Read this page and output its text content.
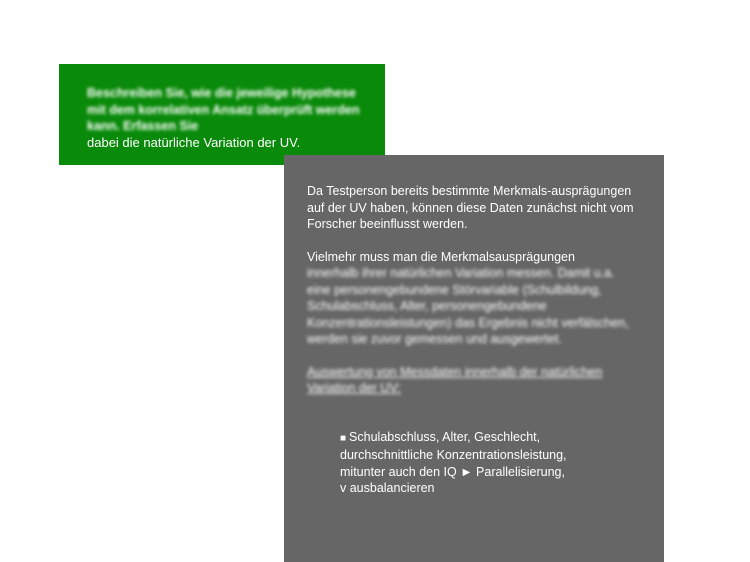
Beschreiben Sie, wie die jeweilige Hypothese mit dem korrelativen Ansatz überprüft werden kann. Erfassen Sie
dabei die natürliche Variation der UV.

Da Testperson bereits bestimmte Merkmals-ausprägungen auf der UV haben, können diese Daten zunächst nicht vom Forscher beeinflusst werden.

Vielmehr muss man die Merkmalsausprägungen

innerhalb ihrer natürlichen Variation messen. Damit u.a. eine personengebundene Störvariable (Schulbildung, Schulabschluss, Alter, personengebundene Konzentrationsleistungen) das Ergebnis nicht verfälschen, werden sie zuvor gemessen und ausgewertet.

Auswertung von Messdaten innerhalb der natürlichen Variation der UV:

■ Schulabschluss, Alter, Geschlecht,
durchschnittliche Konzentrationsleistung,
mitunter auch den IQ ► Parallelisierung,
v ausbalancieren
